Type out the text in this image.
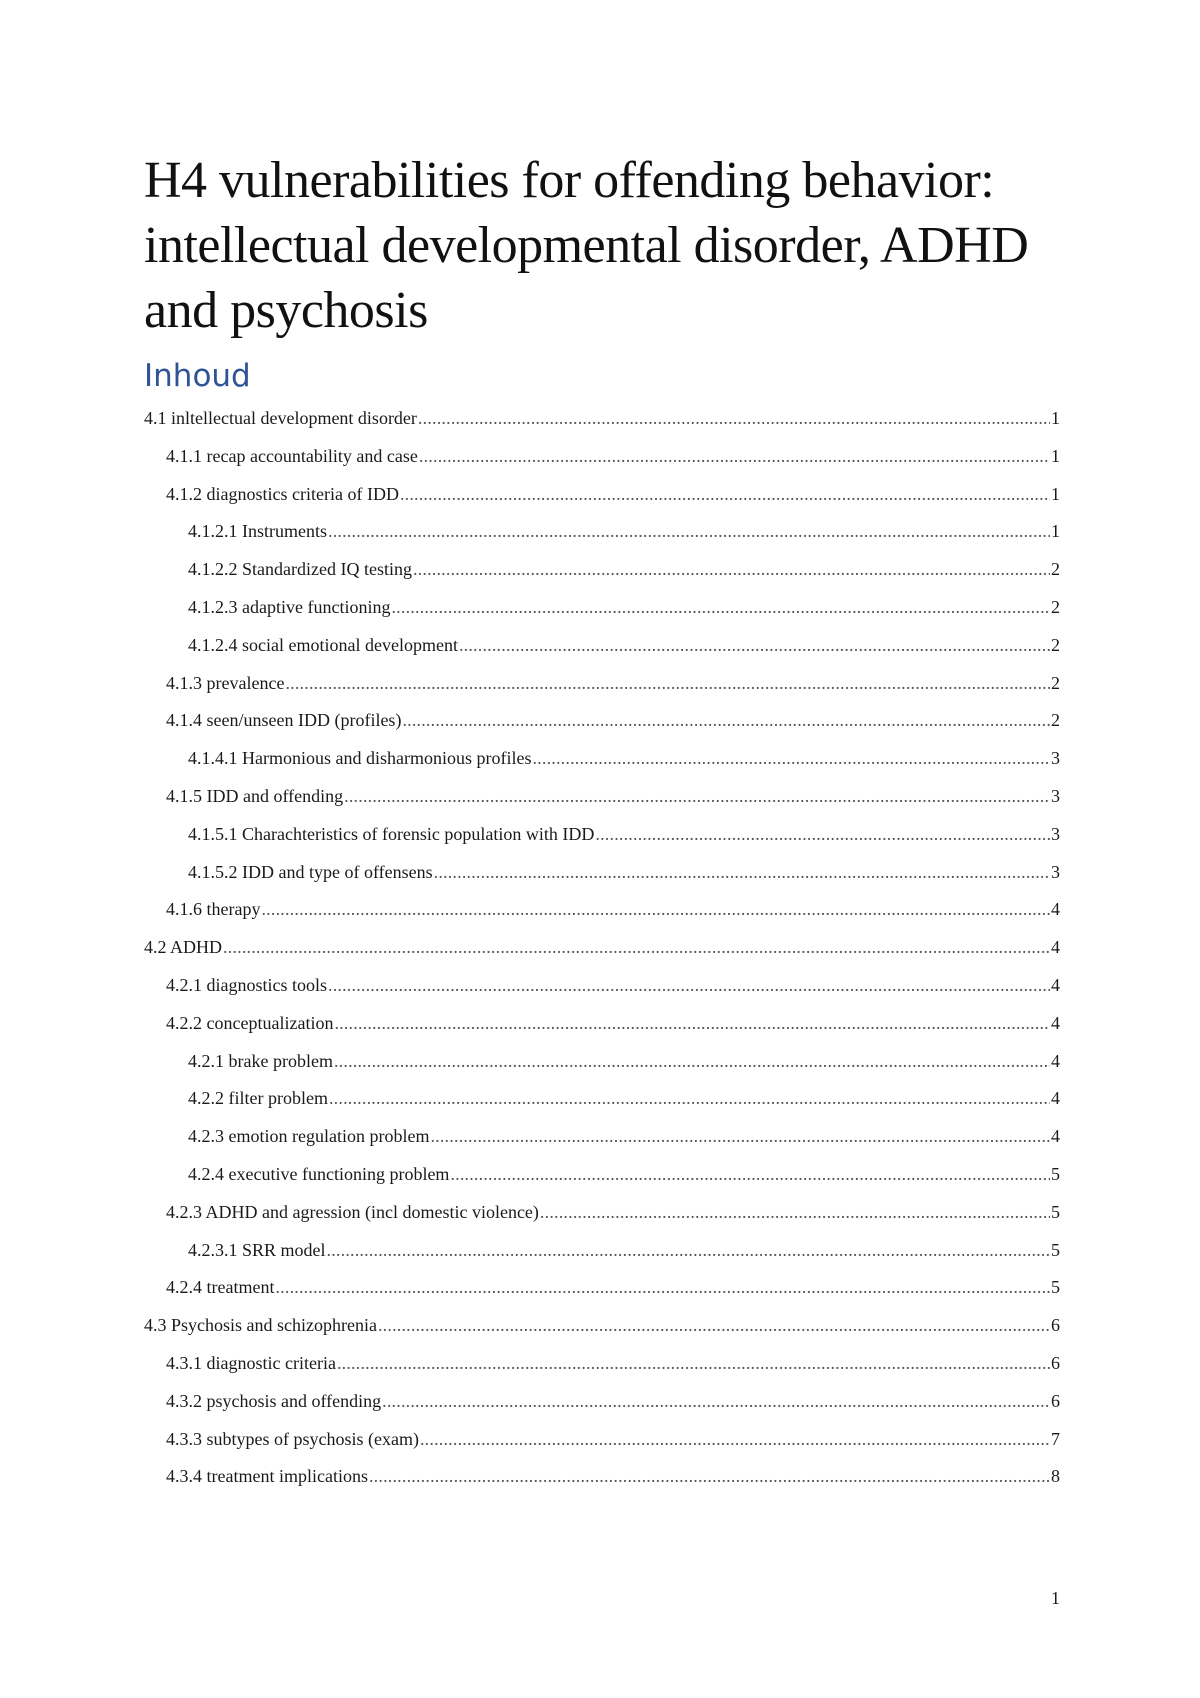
H4 vulnerabilities for offending behavior: intellectual developmental disorder, ADHD and psychosis
Inhoud
4.1 inltellectual development disorder .....	1
4.1.1 recap accountability and case .....	1
4.1.2 diagnostics criteria of IDD .....	1
4.1.2.1 Instruments .....	1
4.1.2.2 Standardized IQ testing .....	2
4.1.2.3 adaptive functioning .....	2
4.1.2.4 social emotional development .....	2
4.1.3 prevalence .....	2
4.1.4 seen/unseen IDD (profiles) .....	2
4.1.4.1 Harmonious and disharmonious profiles .....	3
4.1.5 IDD and offending .....	3
4.1.5.1 Charachteristics of forensic population with IDD .....	3
4.1.5.2 IDD and type of offensens .....	3
4.1.6 therapy .....	4
4.2 ADHD .....	4
4.2.1 diagnostics tools .....	4
4.2.2 conceptualization .....	4
4.2.1 brake problem .....	4
4.2.2 filter problem .....	4
4.2.3 emotion regulation problem .....	4
4.2.4 executive functioning problem .....	5
4.2.3 ADHD and agression (incl domestic violence) .....	5
4.2.3.1 SRR model .....	5
4.2.4 treatment .....	5
4.3 Psychosis and schizophrenia .....	6
4.3.1 diagnostic criteria .....	6
4.3.2 psychosis and offending .....	6
4.3.3 subtypes of psychosis (exam) .....	7
4.3.4 treatment implications .....	8
1
